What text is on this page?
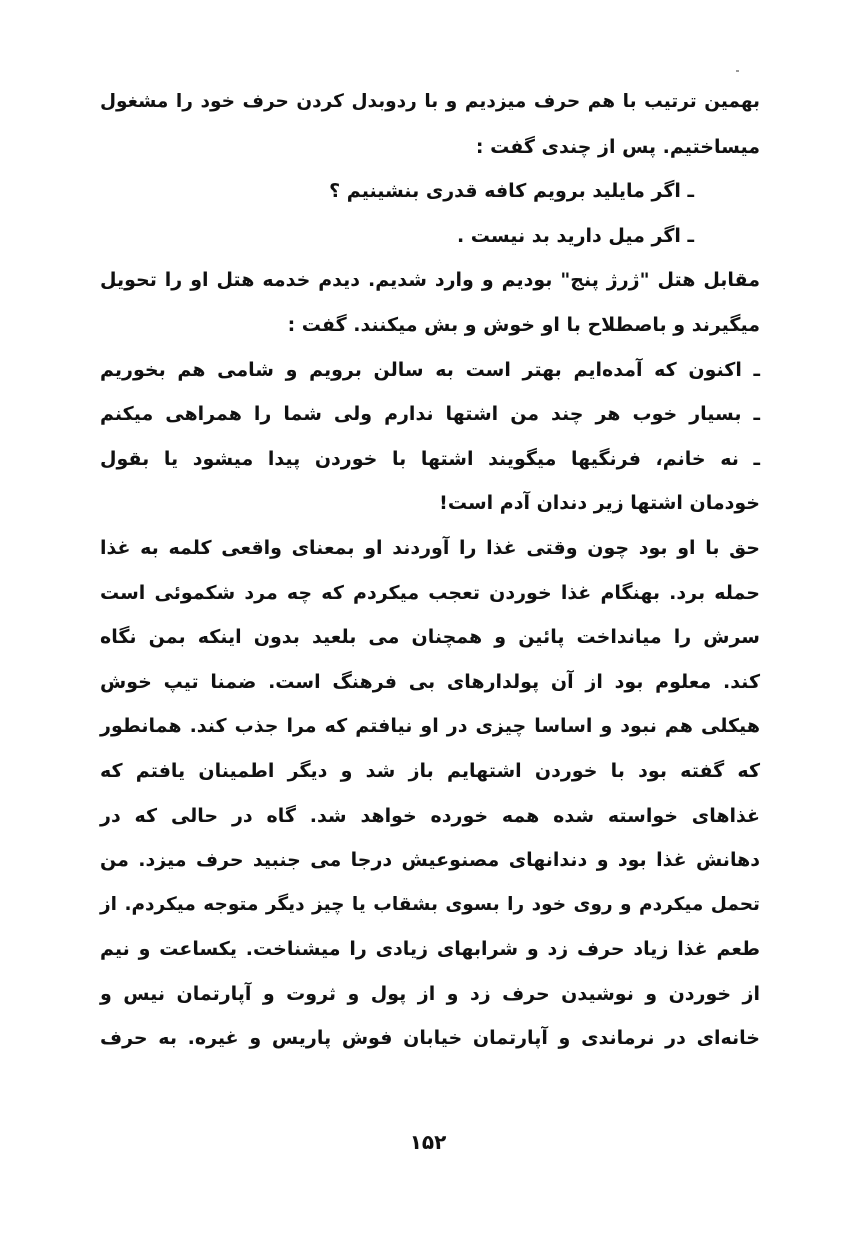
بهمین ترتیب با هم حرف میزدیم و با ردوبدل کردن حرف خود را مشغول
میساختیم. پس از چندی گفت :
ـ اگر مایلید برویم کافه قدری بنشینیم ؟
ـ اگر میل دارید بد نیست .
مقابل هتل "ژرژ پنج" بودیم و وارد شدیم. دیدم خدمه هتل او را تحویل
میگیرند و باصطلاح با او خوش و بش میکنند. گفت :
ـ اکنون که آمده‌ایم بهتر است به سالن برویم و شامی هم بخوریم
ـ بسیار خوب هر چند من اشتها ندارم ولی شما را همراهی میکنم
ـ نه خانم، فرنگیها میگویند اشتها با خوردن پیدا میشود یا بقول
خودمان اشتها زیر دندان آدم است!
حق با او بود چون وقتی غذا را آوردند او بمعنای واقعی کلمه به غذا
حمله برد. بهنگام غذا خوردن تعجب میکردم که چه مرد شکموئی است
سرش را میانداخت پائین و همچنان می بلعید بدون اینکه بمن نگاه
کند. معلوم بود از آن پولدارهای بی فرهنگ است. ضمنا تیپ خوش
هیکلی هم نبود و اساسا چیزی در او نیافتم که مرا جذب کند. همانطور
که گفته بود با خوردن اشتهایم باز شد و دیگر اطمینان یافتم که
غذاهای خواسته شده همه خورده خواهد شد. گاه در حالی که در
دهانش غذا بود و دندانهای مصنوعیش درجا می جنبید حرف میزد. من
تحمل میکردم و روی خود را بسوی بشقاب یا چیز دیگر متوجه میکردم. از
طعم غذا زیاد حرف زد و شرابهای زیادی را میشناخت. یکساعت و نیم
از خوردن و نوشیدن حرف زد و از پول و ثروت و آپارتمان نیس و
خانه‌ای در نرماندی و آپارتمان خیابان فوش پاریس و غیره. به حرف
۱۵۲
